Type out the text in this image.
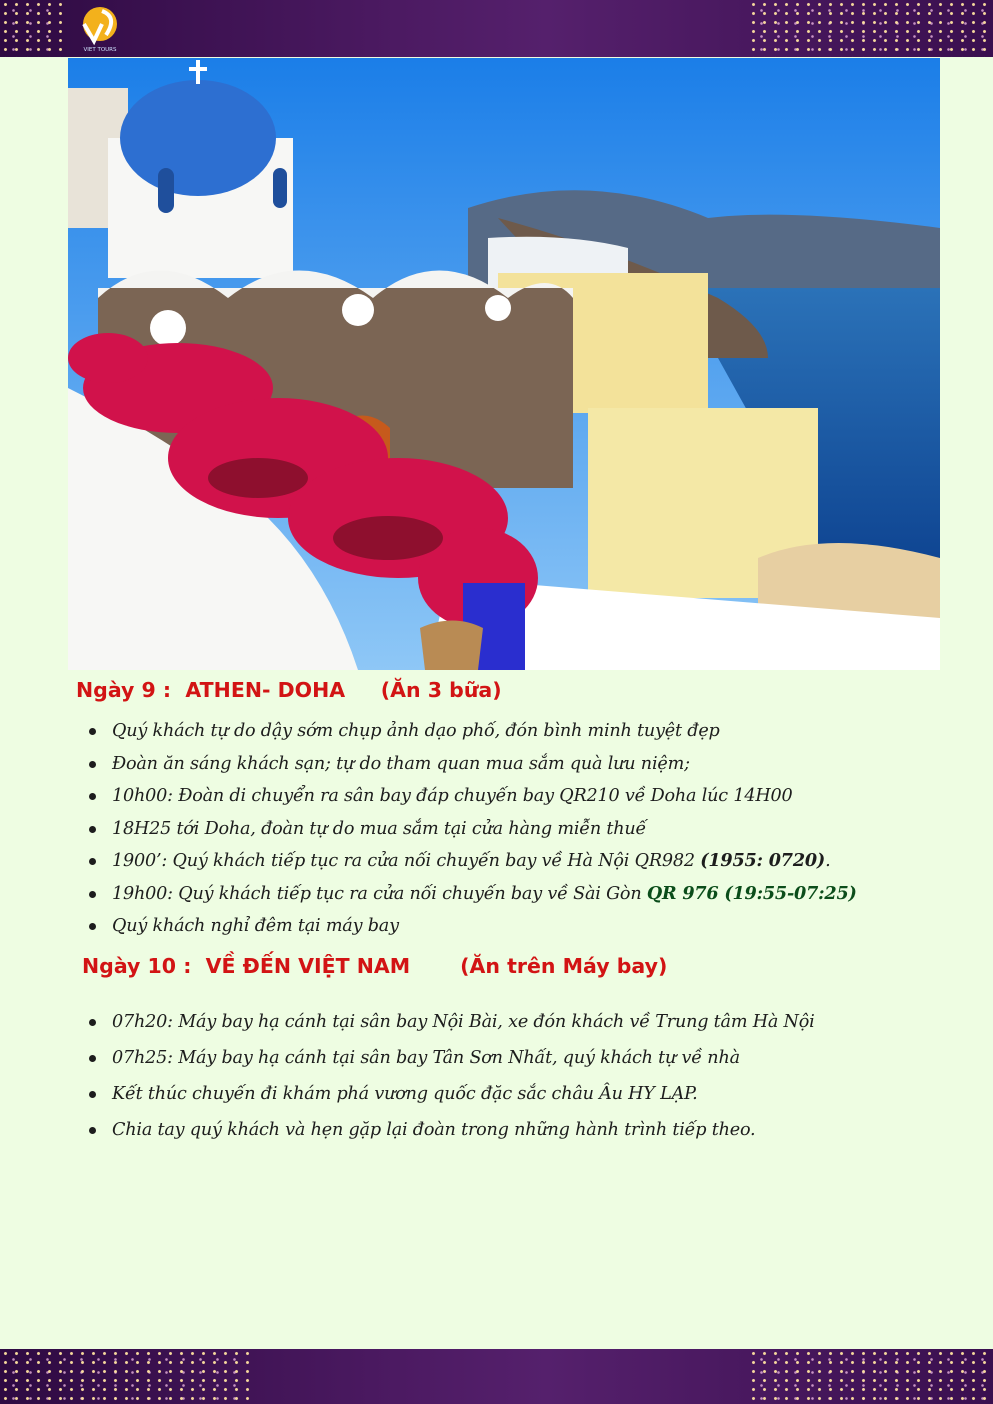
VIET TOURS
Ngày 9 :  ATHEN- DOHA     (Ăn 3 bữa)
Quý khách tự do dậy sớm chụp ảnh dạo phố, đón bình minh tuyệt đẹp
Đoàn ăn sáng khách sạn; tự do tham quan mua sắm quà lưu niệm;
10h00: Đoàn di chuyển ra sân bay đáp chuyến bay QR210 về Doha lúc 14H00
18H25 tới Doha, đoàn tự do mua sắm tại cửa hàng miễn thuế
1900’: Quý khách tiếp tục ra cửa nối chuyến bay về Hà Nội QR982 (1955: 0720).
19h00: Quý khách tiếp tục ra cửa nối chuyến bay về Sài Gòn QR 976 (19:55-07:25)
Quý khách nghỉ đêm tại máy bay
Ngày 10 :  VỀ ĐẾN VIỆT NAM       (Ăn trên Máy bay)
07h20: Máy bay hạ cánh tại sân bay Nội Bài, xe đón khách về Trung tâm Hà Nội
07h25: Máy bay hạ cánh tại sân bay Tân Sơn Nhất, quý khách tự về nhà
Kết thúc chuyến đi khám phá vương quốc đặc sắc châu Âu HY LẠP.
Chia tay quý khách và hẹn gặp lại đoàn trong những hành trình tiếp theo.
